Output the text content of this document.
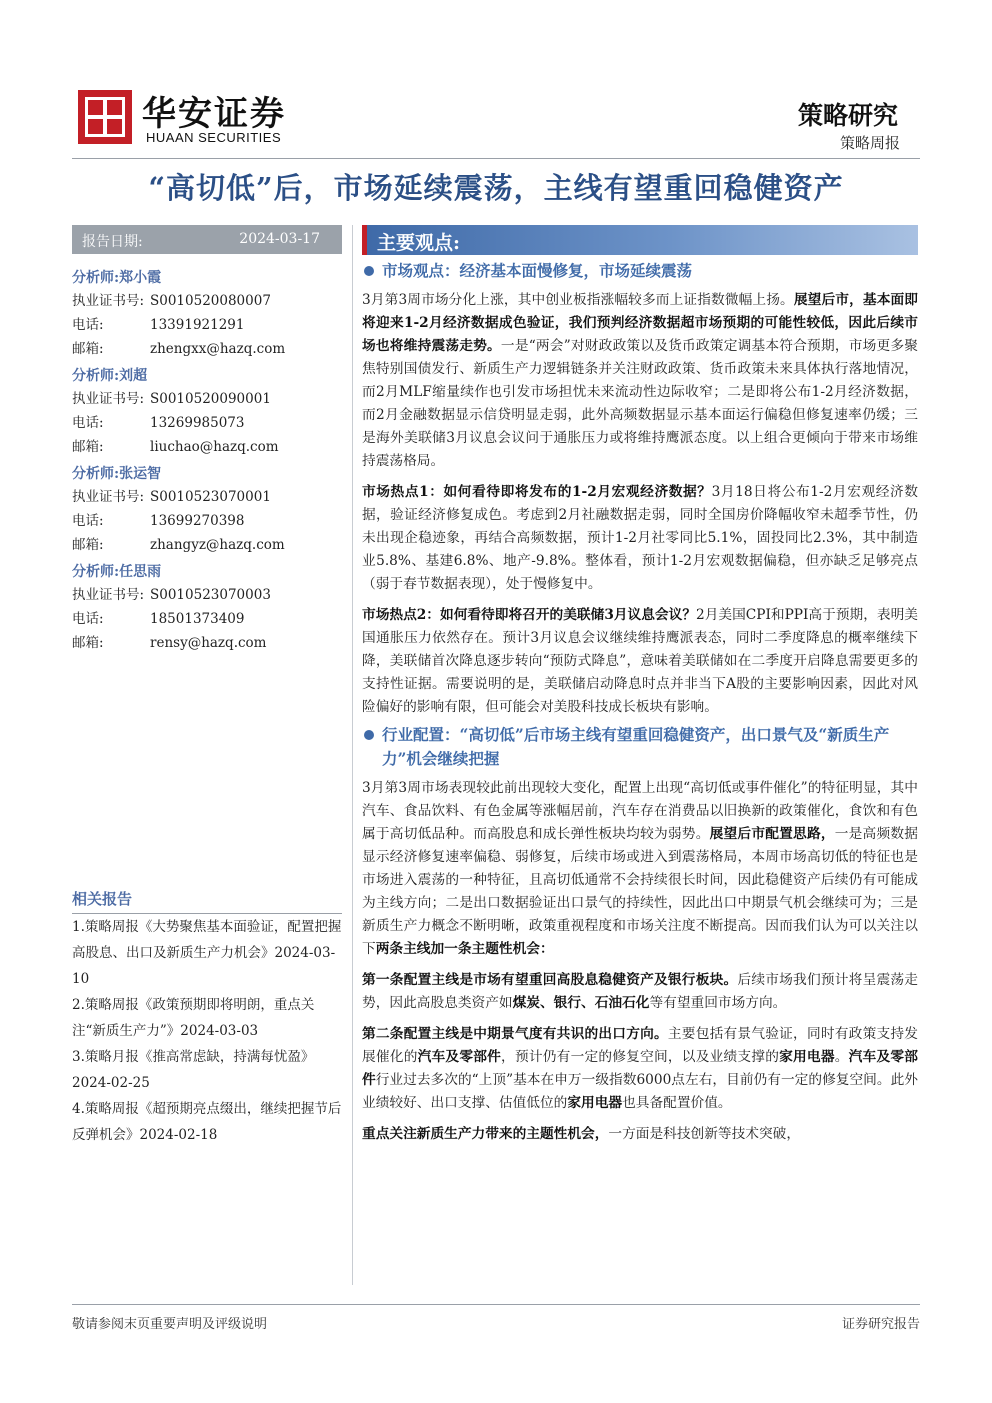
华安证券
HUAAN SECURITIES
策略研究
策略周报
“高切低”后，市场延续震荡，主线有望重回稳健资产
报告日期:	2024-03-17
分析师:郑小霞
执业证书号: S0010520080007
电话:	13391921291
邮箱:	zhengxx@hazq.com
分析师:刘超
执业证书号: S0010520090001
电话:	13269985073
邮箱:	liuchao@hazq.com
分析师:张运智
执业证书号: S0010523070001
电话:	13699270398
邮箱:	zhangyz@hazq.com
分析师:任思雨
执业证书号: S0010523070003
电话:	18501373409
邮箱:	rensy@hazq.com
相关报告
1.策略周报《大势聚焦基本面验证，配置把握高股息、出口及新质生产力机会》2024-03-10
2.策略周报《政策预期即将明朗，重点关注“新质生产力”》2024-03-03
3.策略月报《推高常虑缺，持满每忧盈》2024-02-25
4.策略周报《超预期亮点缀出，继续把握节后反弹机会》2024-02-18
主要观点:
市场观点：经济基本面慢修复，市场延续震荡
3月第3周市场分化上涨，其中创业板指涨幅较多而上证指数微幅上扬。展望后市，基本面即将迎来1-2月经济数据成色验证，我们预判经济数据超市场预期的可能性较低，因此后续市场也将维持震荡走势。一是“两会”对财政政策以及货币政策定调基本符合预期，市场更多聚焦特别国债发行、新质生产力逻辑链条并关注财政政策、货币政策未来具体执行落地情况，而2月MLF缩量续作也引发市场担忧未来流动性边际收窄；二是即将公布1-2月经济数据，而2月金融数据显示信贷明显走弱，此外高频数据显示基本面运行偏稳但修复速率仍缓；三是海外美联储3月议息会议问于通胀压力或将维持鹰派态度。以上组合更倾向于带来市场维持震荡格局。
市场热点1：如何看待即将发布的1-2月宏观经济数据？3月18日将公布1-2月宏观经济数据，验证经济修复成色。考虑到2月社融数据走弱，同时全国房价降幅收窄未超季节性，仍未出现企稳迹象，再结合高频数据，预计1-2月社零同比5.1%，固投同比2.3%，其中制造业5.8%、基建6.8%、地产-9.8%。整体看，预计1-2月宏观数据偏稳，但亦缺乏足够亮点（弱于春节数据表现），处于慢修复中。
市场热点2：如何看待即将召开的美联储3月议息会议？2月美国CPI和PPI高于预期，表明美国通胀压力依然存在。预计3月议息会议继续维持鹰派表态，同时二季度降息的概率继续下降，美联储首次降息逐步转向“预防式降息”，意味着美联储如在二季度开启降息需要更多的支持性证据。需要说明的是，美联储启动降息时点并非当下A股的主要影响因素，因此对风险偏好的影响有限，但可能会对美股科技成长板块有影响。
行业配置：“高切低”后市场主线有望重回稳健资产，出口景气及“新质生产力”机会继续把握
3月第3周市场表现较此前出现较大变化，配置上出现“高切低或事件催化”的特征明显，其中汽车、食品饮料、有色金属等涨幅居前，汽车存在消费品以旧换新的政策催化，食饮和有色属于高切低品种。而高股息和成长弹性板块均较为弱势。展望后市配置思路，一是高频数据显示经济修复速率偏稳、弱修复，后续市场或进入到震荡格局，本周市场高切低的特征也是市场进入震荡的一种特征，且高切低通常不会持续很长时间，因此稳健资产后续仍有可能成为主线方向；二是出口数据验证出口景气的持续性，因此出口中期景气机会继续可为；三是新质生产力概念不断明晰，政策重视程度和市场关注度不断提高。因而我们认为可以关注以下两条主线加一条主题性机会：
第一条配置主线是市场有望重回高股息稳健资产及银行板块。后续市场我们预计将呈震荡走势，因此高股息类资产如煤炭、银行、石油石化等有望重回市场方向。
第二条配置主线是中期景气度有共识的出口方向。主要包括有景气验证，同时有政策支持发展催化的汽车及零部件，预计仍有一定的修复空间，以及业绩支撑的家用电器。汽车及零部件行业过去多次的“上顶”基本在申万一级指数6000点左右，目前仍有一定的修复空间。此外业绩较好、出口支撑、估值低位的家用电器也具备配置价值。
重点关注新质生产力带来的主题性机会，一方面是科技创新等技术突破，
敬请参阅末页重要声明及评级说明	证券研究报告
